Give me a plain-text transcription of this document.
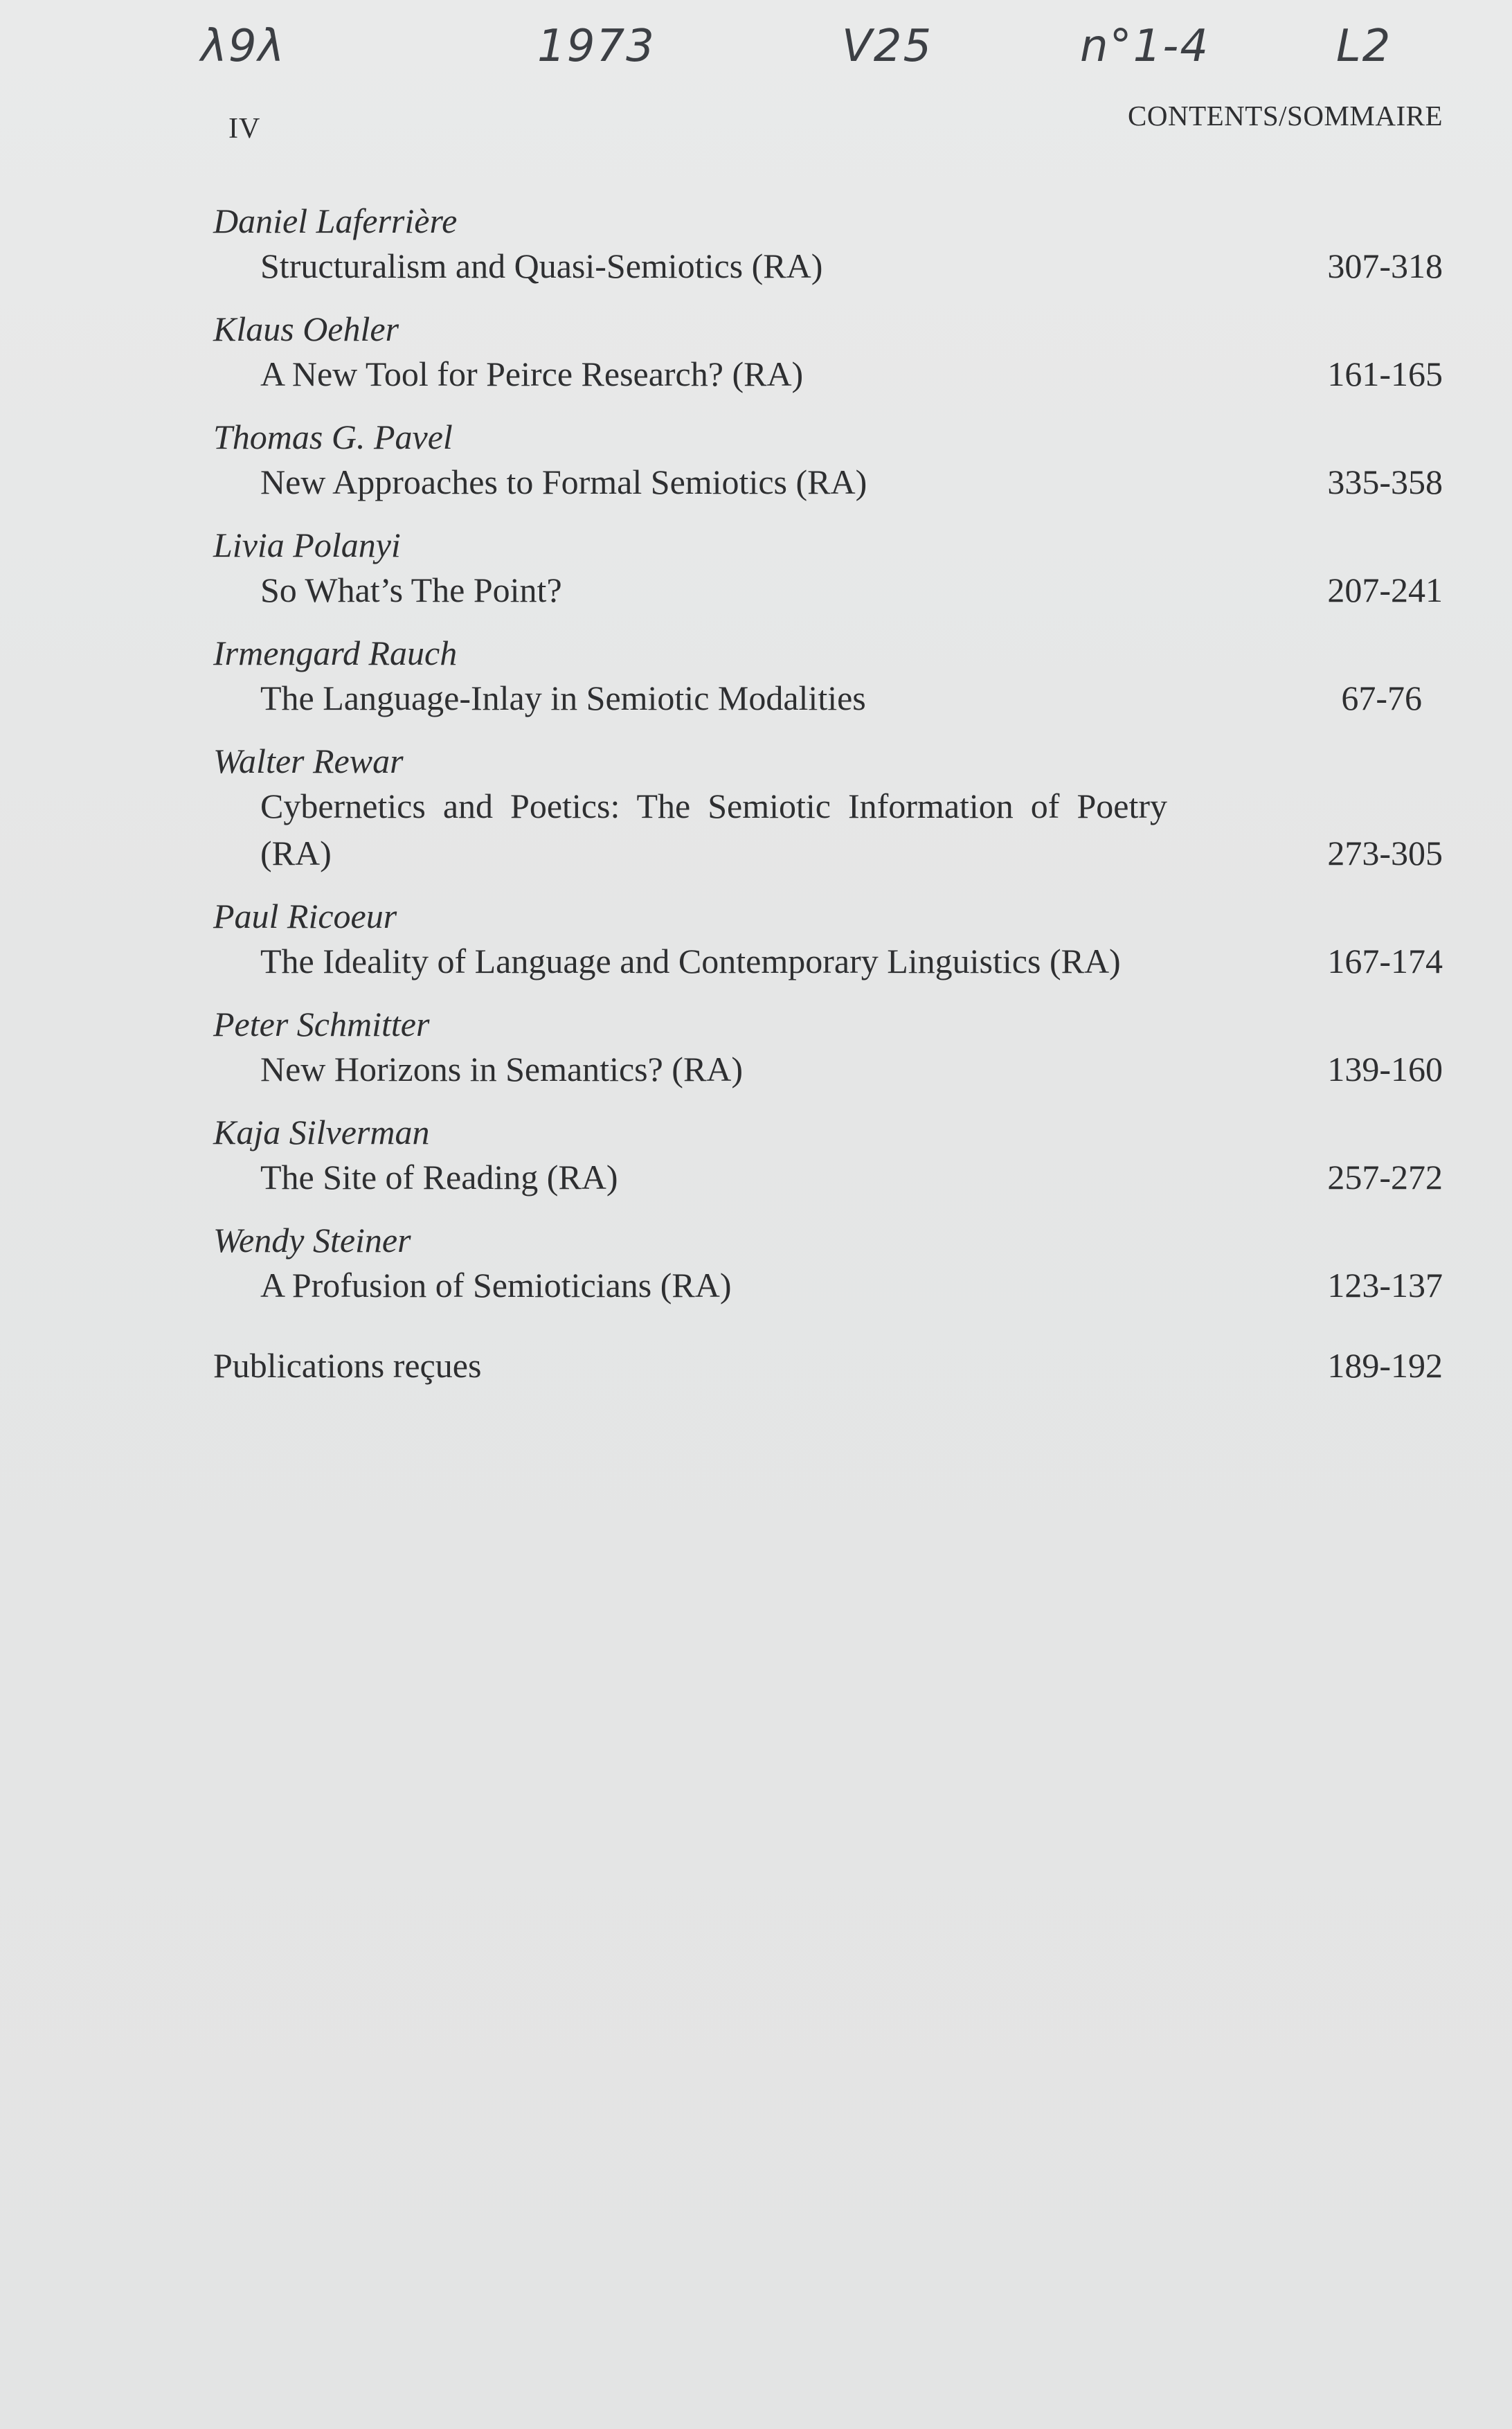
λ9λ	1973	V25	n°1-4	L2
IV	CONTENTS/SOMMAIRE
Daniel Laferrière
Structuralism and Quasi-Semiotics (RA)	307-318
Klaus Oehler
A New Tool for Peirce Research? (RA)	161-165
Thomas G. Pavel
New Approaches to Formal Semiotics (RA)	335-358
Livia Polanyi
So What’s The Point?	207-241
Irmengard Rauch
The Language-Inlay in Semiotic Modalities	67-76
Walter Rewar
Cybernetics and Poetics: The Semiotic Information of Poetry (RA)	273-305
Paul Ricoeur
The Ideality of Language and Contemporary Linguistics (RA)	167-174
Peter Schmitter
New Horizons in Semantics? (RA)	139-160
Kaja Silverman
The Site of Reading (RA)	257-272
Wendy Steiner
A Profusion of Semioticians (RA)	123-137
Publications reçues	189-192
